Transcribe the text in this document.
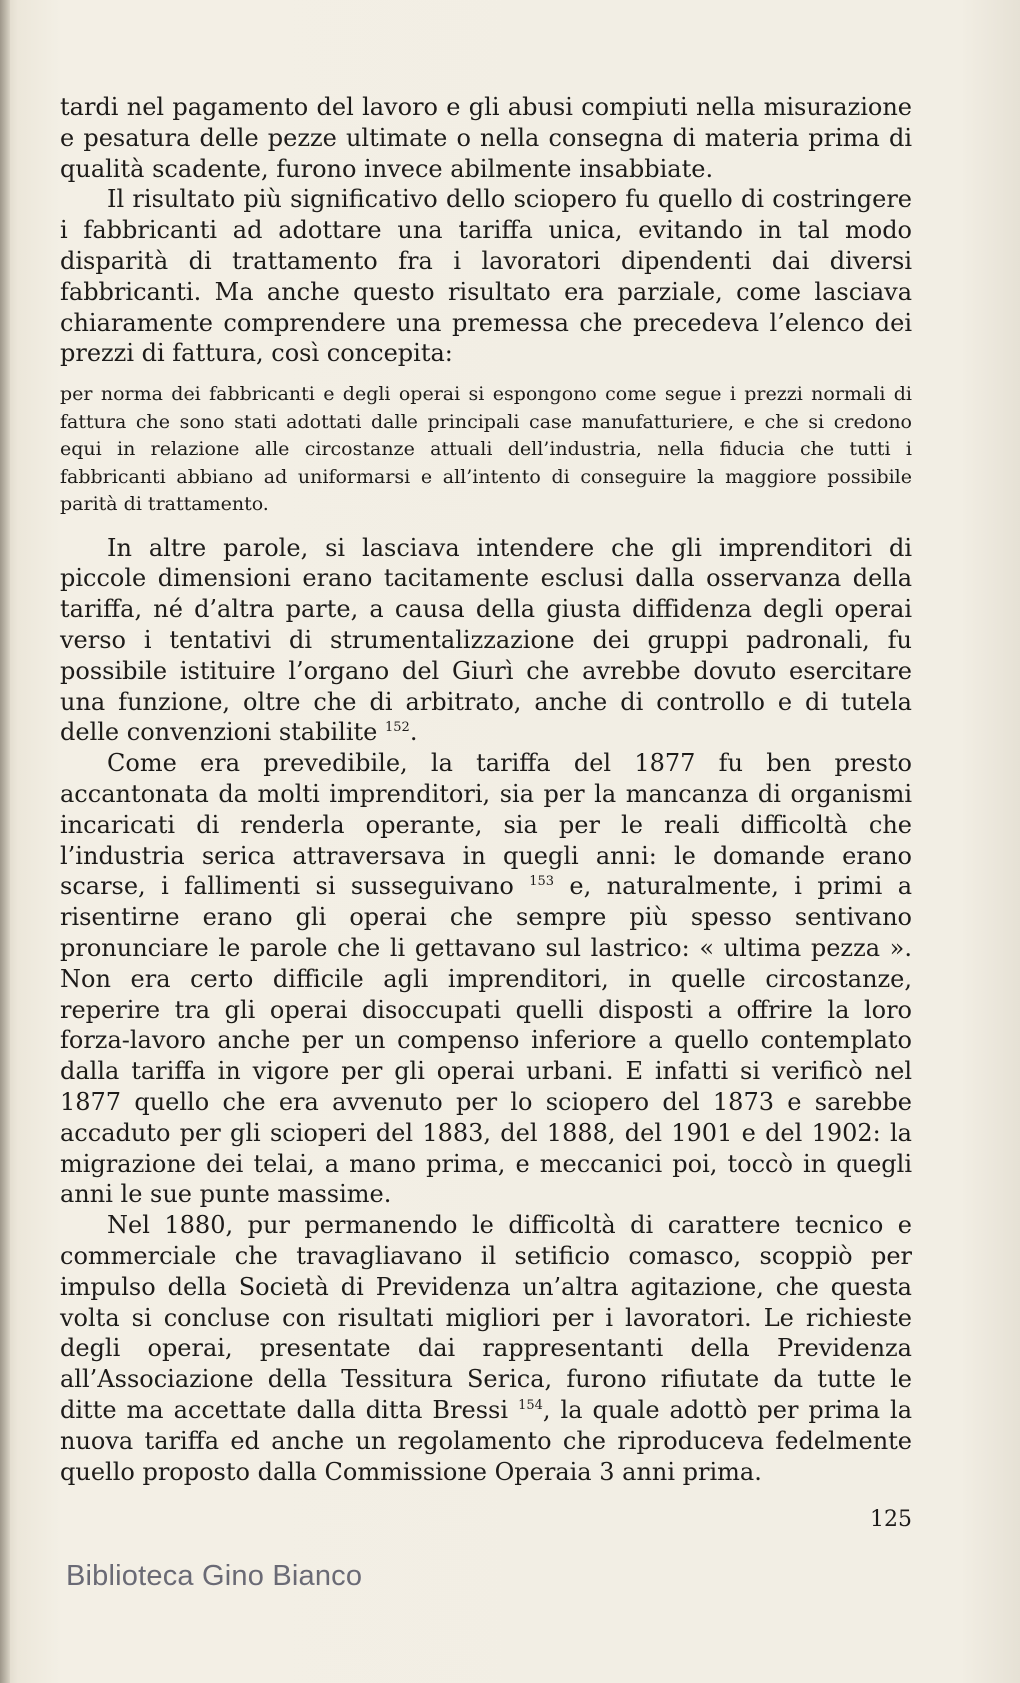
tardi nel pagamento del lavoro e gli abusi compiuti nella misurazione e pesatura delle pezze ultimate o nella consegna di materia prima di qualità scadente, furono invece abilmente insabbiate.

Il risultato più significativo dello sciopero fu quello di costringere i fabbricanti ad adottare una tariffa unica, evitando in tal modo disparità di trattamento fra i lavoratori dipendenti dai diversi fabbricanti. Ma anche questo risultato era parziale, come lasciava chiaramente comprendere una premessa che precedeva l’elenco dei prezzi di fattura, così concepita:

per norma dei fabbricanti e degli operai si espongono come segue i prezzi normali di fattura che sono stati adottati dalle principali case manufatturiere, e che si credono equi in relazione alle circostanze attuali dell’industria, nella fiducia che tutti i fabbricanti abbiano ad uniformarsi e all’intento di conseguire la maggiore possibile parità di trattamento.

In altre parole, si lasciava intendere che gli imprenditori di piccole dimensioni erano tacitamente esclusi dalla osservanza della tariffa, né d’altra parte, a causa della giusta diffidenza degli operai verso i tentativi di strumentalizzazione dei gruppi padronali, fu possibile istituire l’organo del Giurì che avrebbe dovuto esercitare una funzione, oltre che di arbitrato, anche di controllo e di tutela delle convenzioni stabilite $^{152}$.

Come era prevedibile, la tariffa del 1877 fu ben presto accantonata da molti imprenditori, sia per la mancanza di organismi incaricati di renderla operante, sia per le reali difficoltà che l’industria serica attraversava in quegli anni: le domande erano scarse, i fallimenti si susseguivano $^{153}$ e, naturalmente, i primi a risentirne erano gli operai che sempre più spesso sentivano pronunciare le parole che li gettavano sul lastrico: « ultima pezza ». Non era certo difficile agli imprenditori, in quelle circostanze, reperire tra gli operai disoccupati quelli disposti a offrire la loro forza-lavoro anche per un compenso inferiore a quello contemplato dalla tariffa in vigore per gli operai urbani. E infatti si verificò nel 1877 quello che era avvenuto per lo sciopero del 1873 e sarebbe accaduto per gli scioperi del 1883, del 1888, del 1901 e del 1902: la migrazione dei telai, a mano prima, e meccanici poi, toccò in quegli anni le sue punte massime.

Nel 1880, pur permanendo le difficoltà di carattere tecnico e commerciale che travagliavano il setificio comasco, scoppiò per impulso della Società di Previdenza un’altra agitazione, che questa volta si concluse con risultati migliori per i lavoratori. Le richieste degli operai, presentate dai rappresentanti della Previdenza all’Associazione della Tessitura Serica, furono rifiutate da tutte le ditte ma accettate dalla ditta Bressi $^{154}$, la quale adottò per prima la nuova tariffa ed anche un regolamento che riproduceva fedelmente quello proposto dalla Commissione Operaia 3 anni prima.

125
Biblioteca Gino Bianco
